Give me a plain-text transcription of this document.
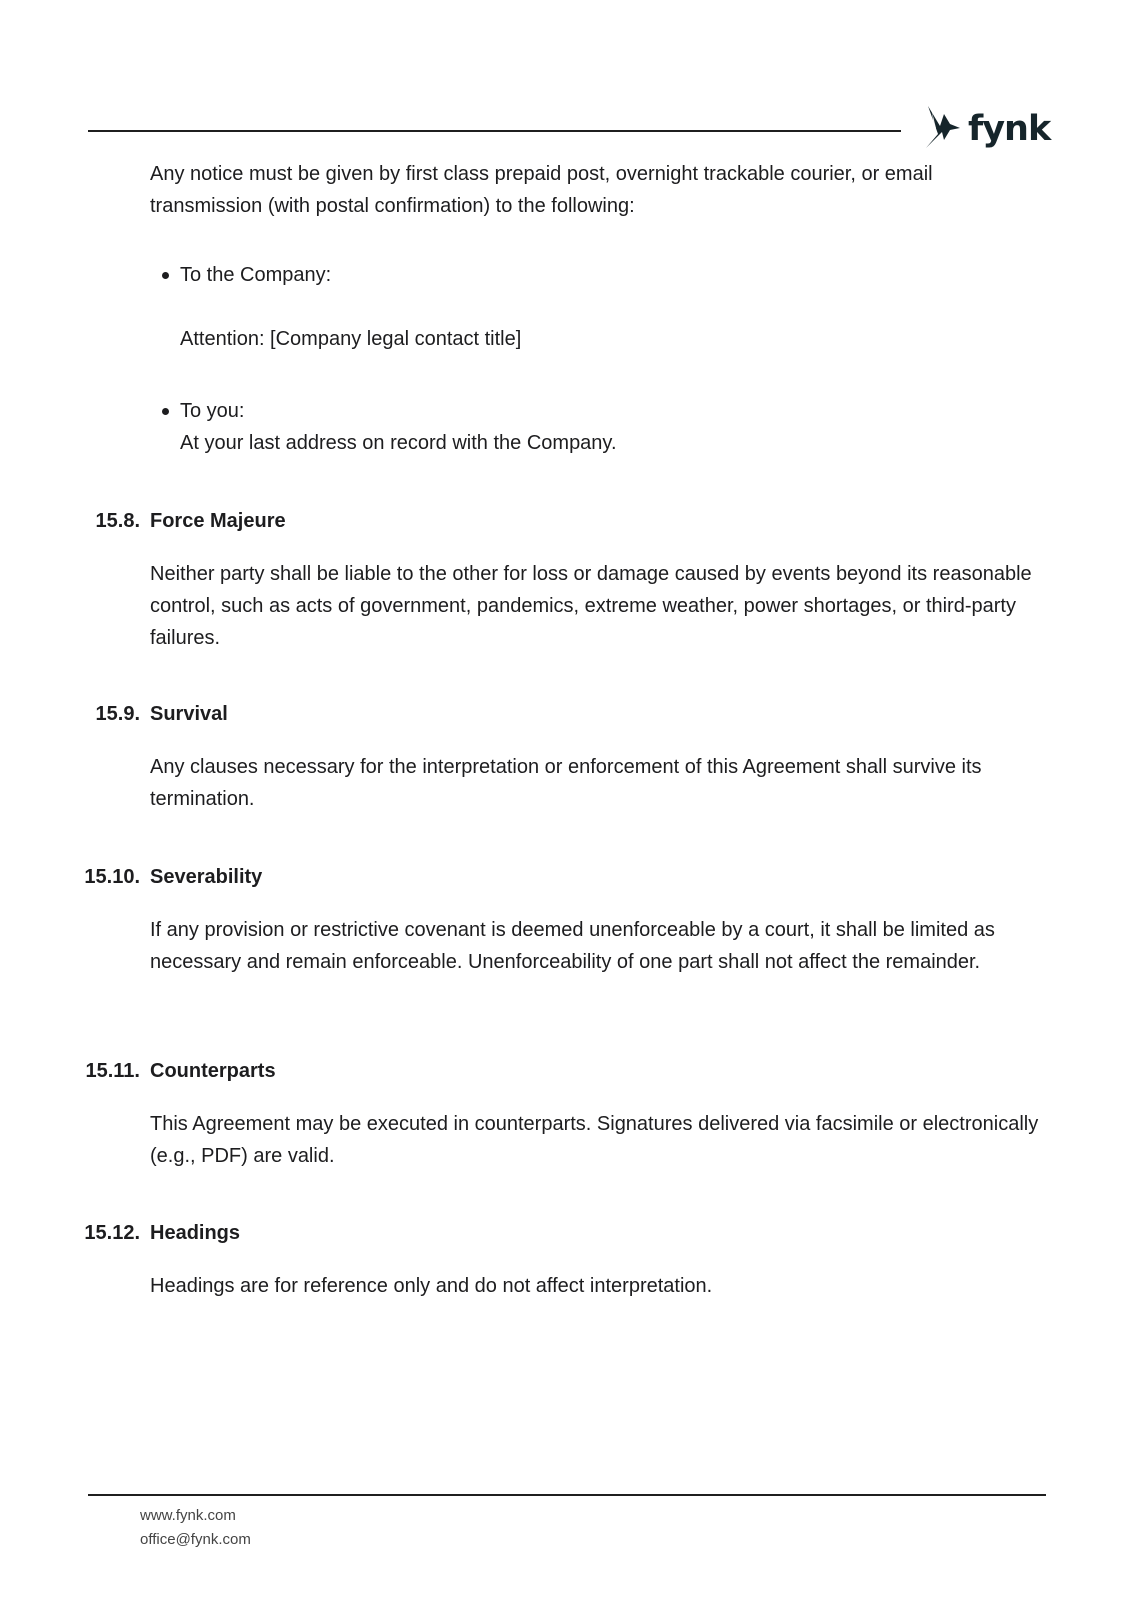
fynk

Any notice must be given by first class prepaid post, overnight trackable courier, or email transmission (with postal confirmation) to the following:

To the Company:

Attention: [Company legal contact title]

To you:

At your last address on record with the Company.

15.8. Force Majeure

Neither party shall be liable to the other for loss or damage caused by events beyond its reasonable control, such as acts of government, pandemics, extreme weather, power shortages, or third-party failures.

15.9. Survival

Any clauses necessary for the interpretation or enforcement of this Agreement shall survive its termination.

15.10. Severability

If any provision or restrictive covenant is deemed unenforceable by a court, it shall be limited as necessary and remain enforceable. Unenforceability of one part shall not affect the remainder.

15.11. Counterparts

This Agreement may be executed in counterparts. Signatures delivered via facsimile or electronically (e.g., PDF) are valid.

15.12. Headings

Headings are for reference only and do not affect interpretation.

www.fynk.com
office@fynk.com
